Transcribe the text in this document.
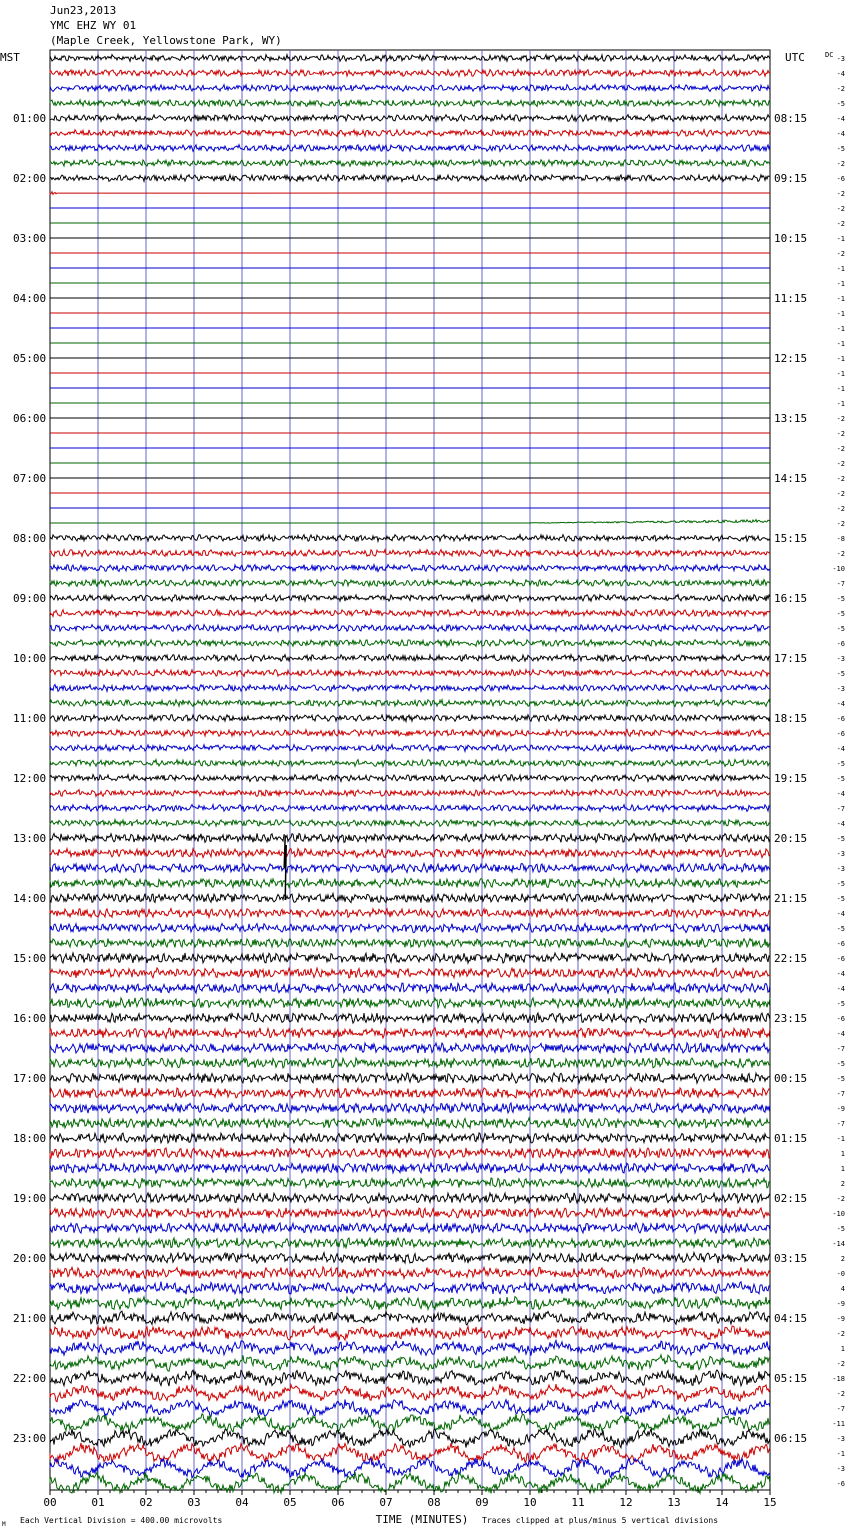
Jun23,2013
YMC EHZ WY 01
(Maple Creek, Yellowstone Park, WY)
01:00
02:00
03:00
04:00
05:00
06:00
07:00
08:00
09:00
10:00
11:00
12:00
13:00
14:00
15:00
16:00
17:00
18:00
19:00
20:00
21:00
22:00
23:00
08:15
09:15
10:15
11:15
12:15
13:15
14:15
15:15
16:15
17:15
18:15
19:15
20:15
21:15
22:15
23:15
00:15
01:15
02:15
03:15
04:15
05:15
06:15
MST	UTC	DC -3
-4
-2
-5
-4
-4
-5
-2
-6
-2
-2
-2
-1
-2
-1
-1
-1
-1
-1
-1
-1
-1
-1
-1
-2
-2
-2
-2
-2
-2
-2
-2
-8
-2
-10
-7
-5
-5
-5
-6
-3
-5
-3
-4
-6
-6
-4
-5
-5
-4
-7
-4
-5
-3
-3
-5
-5
-4
-5
-6
-6
-4
-4
-5
-6
-4
-7
-5
-5
-7
-9
-7
-1
1
1
2
-2
-10
-5
-14
2
-0
4
-9
-9
-2
1
-2
-18
-2
-7
-11
-3
-1
-3
-6
00	01	02	03	04	05	06	07	08	09	10	11	12	13	14	15
TIME (MINUTES)
Each Vertical Division = 400.00 microvolts	Traces clipped at plus/minus 5 vertical divisions
M
